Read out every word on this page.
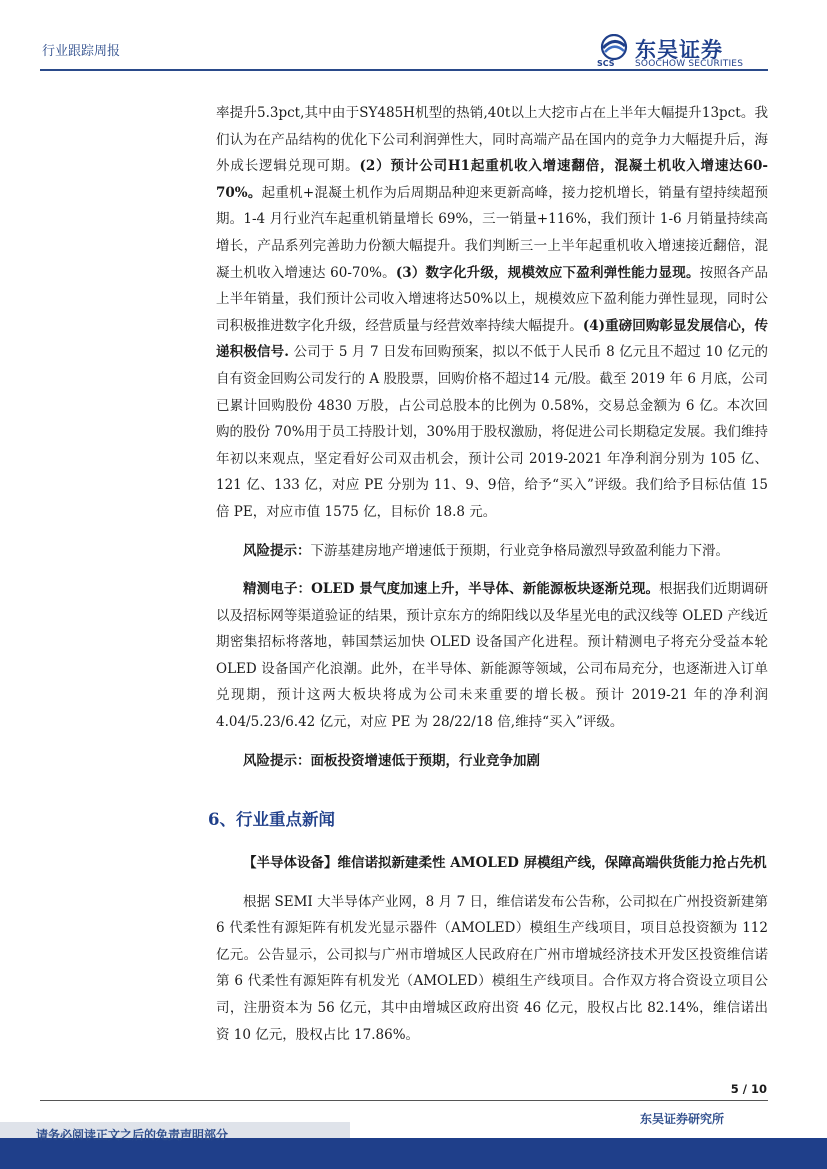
行业跟踪周报
SCS
东吴证券
SOOCHOW SECURITIES

率提升5.3pct,其中由于SY485H机型的热销,40t以上大挖市占在上半年大幅提升13pct。我们认为在产品结构的优化下公司利润弹性大，同时高端产品在国内的竞争力大幅提升后，海外成长逻辑兑现可期。(2）预计公司H1起重机收入增速翻倍，混凝土机收入增速达60-70%。起重机+混凝土机作为后周期品种迎来更新高峰，接力挖机增长，销量有望持续超预期。1-4 月行业汽车起重机销量增长 69%，三一销量+116%，我们预计 1-6 月销量持续高增长，产品系列完善助力份额大幅提升。我们判断三一上半年起重机收入增速接近翻倍，混凝土机收入增速达 60-70%。(3）数字化升级，规模效应下盈利弹性能力显现。按照各产品上半年销量，我们预计公司收入增速将达50%以上，规模效应下盈利能力弹性显现，同时公司积极推进数字化升级，经营质量与经营效率持续大幅提升。(4)重磅回购彰显发展信心，传递积极信号. 公司于 5 月 7 日发布回购预案，拟以不低于人民币 8 亿元且不超过 10 亿元的自有资金回购公司发行的 A 股股票，回购价格不超过14 元/股。截至 2019 年 6 月底，公司已累计回购股份 4830 万股，占公司总股本的比例为 0.58%，交易总金额为 6 亿。本次回购的股份 70%用于员工持股计划，30%用于股权激励，将促进公司长期稳定发展。我们维持年初以来观点，坚定看好公司双击机会，预计公司 2019-2021 年净利润分别为 105 亿、121 亿、133 亿，对应 PE 分别为 11、9、9倍，给予“买入”评级。我们给予目标估值 15 倍 PE，对应市值 1575 亿，目标价 18.8 元。

风险提示：下游基建房地产增速低于预期，行业竞争格局激烈导致盈利能力下滑。

精测电子：OLED 景气度加速上升，半导体、新能源板块逐渐兑现。根据我们近期调研以及招标网等渠道验证的结果，预计京东方的绵阳线以及华星光电的武汉线等 OLED 产线近期密集招标将落地，韩国禁运加快 OLED 设备国产化进程。预计精测电子将充分受益本轮 OLED 设备国产化浪潮。此外，在半导体、新能源等领域，公司布局充分，也逐渐进入订单兑现期，预计这两大板块将成为公司未来重要的增长极。预计 2019-21 年的净利润 4.04/5.23/6.42 亿元，对应 PE 为 28/22/18 倍,维持“买入”评级。

风险提示：面板投资增速低于预期，行业竞争加剧

6、行业重点新闻

【半导体设备】维信诺拟新建柔性 AMOLED 屏模组产线，保障高端供货能力抢占先机

根据 SEMI 大半导体产业网，8 月 7 日，维信诺发布公告称，公司拟在广州投资新建第 6 代柔性有源矩阵有机发光显示器件（AMOLED）模组生产线项目，项目总投资额为 112 亿元。公告显示，公司拟与广州市增城区人民政府在广州市增城经济技术开发区投资维信诺第 6 代柔性有源矩阵有机发光（AMOLED）模组生产线项目。合作双方将合资设立项目公司，注册资本为 56 亿元，其中由增城区政府出资 46 亿元，股权占比 82.14%，维信诺出资 10 亿元，股权占比 17.86%。

5 / 10
东吴证券研究所
请务必阅读正文之后的免责声明部分
